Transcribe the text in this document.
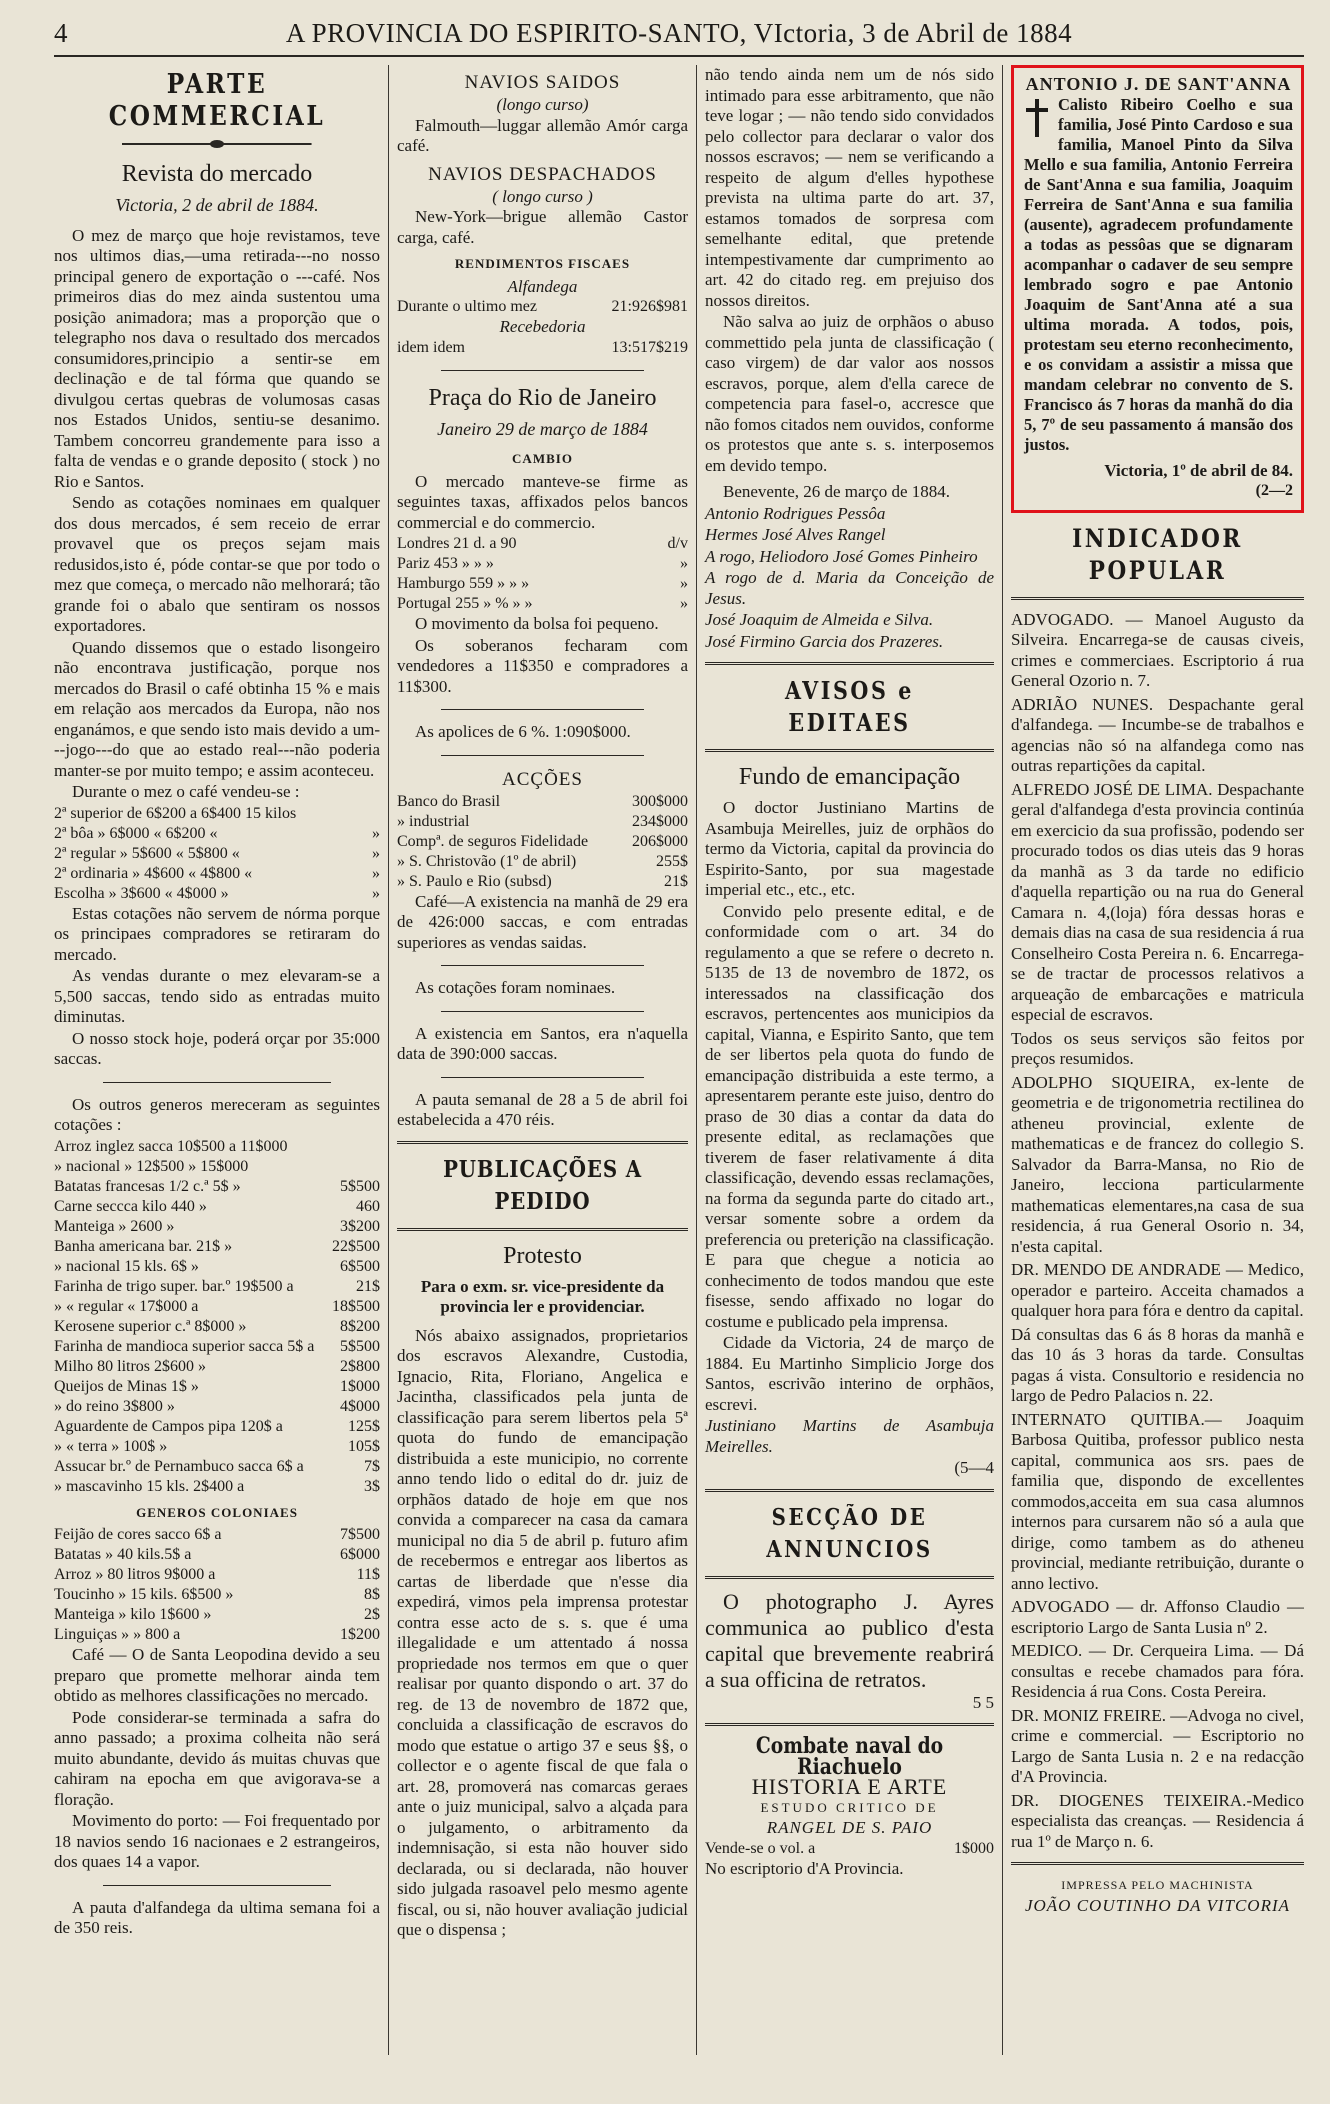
4	A PROVINCIA DO ESPIRITO-SANTO, VIctoria, 3 de Abril de 1884
PARTE COMMERCIAL
Revista do mercado
Victoria, 2 de abril de 1884.

O mez de março que hoje revistamos, teve nos ultimos dias,—uma retirada---no nosso principal genero de exportação o ---café. Nos primeiros dias do mez ainda sustentou uma posição animadora; mas a proporção que o telegrapho nos dava o resultado dos mercados consumidores,principio a sentir-se em declinação e de tal fórma que quando se divulgou certas quebras de volumosas casas nos Estados Unidos, sentiu-se desanimo. Tambem concorreu grandemente para isso a falta de vendas e o grande deposito ( stock ) no Rio e Santos.

Sendo as cotações nominaes em qualquer dos dous mercados, é sem receio de errar provavel que os preços sejam mais redusidos,isto é, póde contar-se que por todo o mez que começa, o mercado não melhorará; tão grande foi o abalo que sentiram os nossos exportadores.

Quando dissemos que o estado lisongeiro não encontrava justificação, porque nos mercados do Brasil o café obtinha 15 % e mais em relação aos mercados da Europa, não nos enganámos, e que sendo isto mais devido a um---jogo---do que ao estado real---não poderia manter-se por muito tempo; e assim aconteceu.

Durante o mez o café vendeu-se :

2ª superior de 6$200 a 6$400 15 kilos
2ª bôa » 6$000 « 6$200 «	»
2ª regular » 5$600 « 5$800 «	»
2ª ordinaria » 4$600 « 4$800 «	»
Escolha » 3$600 « 4$000 »	»

Estas cotações não servem de nórma porque os principaes compradores se retiraram do mercado.

As vendas durante o mez elevaram-se a 5,500 saccas, tendo sido as entradas muito diminutas.

O nosso stock hoje, poderá orçar por 35:000 saccas.

Os outros generos mereceram as seguintes cotações :

Arroz inglez sacca 10$500 a 11$000
» nacional » 12$500 » 15$000
Batatas francesas 1/2 c.ª 5$ »	5$500
Carne seccca kilo 440 »	460
Manteiga » 2600 »	3$200
Banha americana bar. 21$ »	22$500
» nacional 15 kls. 6$ »	6$500
Farinha de trigo super. bar.º 19$500 a	21$
» « regular « 17$000 a	18$500
Kerosene superior c.ª 8$000 »	8$200
Farinha de mandioca superior sacca 5$ a	5$500
Milho 80 litros 2$600 »	2$800
Queijos de Minas 1$ »	1$000
» do reino 3$800 »	4$000
Aguardente de Campos pipa 120$ a	125$
» « terra » 100$ »	105$
Assucar br.º de Pernambuco sacca 6$ a	7$
» mascavinho 15 kls. 2$400 a	3$
GENEROS COLONIAES
Feijão de cores sacco 6$ a	7$500
Batatas » 40 kils.5$ a	6$000
Arroz » 80 litros 9$000 a	11$
Toucinho » 15 kils. 6$500 »	8$
Manteiga » kilo 1$600 »	2$
Linguiças » » 800 a	1$200

Café — O de Santa Leopodina devido a seu preparo que promette melhorar ainda tem obtido as melhores classificações no mercado.

Pode considerar-se terminada a safra do anno passado; a proxima colheita não será muito abundante, devido ás muitas chuvas que cahiram na epocha em que avigorava-se a floração.

Movimento do porto: — Foi frequentado por 18 navios sendo 16 nacionaes e 2 estrangeiros, dos quaes 14 a vapor.

A pauta d'alfandega da ultima semana foi a de 350 reis.

NAVIOS SAIDOS
(longo curso)

Falmouth—luggar allemão Amór carga café.

NAVIOS DESPACHADOS
( longo curso )

New-York—brigue allemão Castor carga, café.

RENDIMENTOS FISCAES
Alfandega
Durante o ultimo mez	21:926$981
Recebedoria
idem idem	13:517$219
Praça do Rio de Janeiro
Janeiro 29 de março de 1884
CAMBIO

O mercado manteve-se firme as seguintes taxas, affixados pelos bancos commercial e do commercio.

Londres 21 d. a 90	d/v
Pariz 453 » » »	»
Hamburgo 559 » » »	»
Portugal 255 » % » »	»

O movimento da bolsa foi pequeno.

Os soberanos fecharam com vendedores a 11$350 e compradores a 11$300.

As apolices de 6 %. 1:090$000.

ACÇÕES
Banco do Brasil	300$000
» industrial	234$000
Compª. de seguros Fidelidade	206$000
» S. Christovão (1º de abril)	255$
» S. Paulo e Rio (subsd)	21$

Café—A existencia na manhã de 29 era de 426:000 saccas, e com entradas superiores as vendas saidas.

As cotações foram nominaes.

A existencia em Santos, era n'aquella data de 390:000 saccas.

A pauta semanal de 28 a 5 de abril foi estabelecida a 470 réis.

PUBLICAÇÕES A PEDIDO
Protesto
Para o exm. sr. vice-presidente da provincia ler e providenciar.

Nós abaixo assignados, proprietarios dos escravos Alexandre, Custodia, Ignacio, Rita, Floriano, Angelica e Jacintha, classificados pela junta de classificação para serem libertos pela 5ª quota do fundo de emancipação distribuida a este municipio, no corrente anno tendo lido o edital do dr. juiz de orphãos datado de hoje em que nos convida a comparecer na casa da camara municipal no dia 5 de abril p. futuro afim de recebermos e entregar aos libertos as cartas de liberdade que n'esse dia expedirá, vimos pela imprensa protestar contra esse acto de s. s. que é uma illegalidade e um attentado á nossa propriedade nos termos em que o quer realisar por quanto dispondo o art. 37 do reg. de 13 de novembro de 1872 que, concluida a classificação de escravos do modo que estatue o artigo 37 e seus §§, o collector e o agente fiscal de que fala o art. 28, promoverá nas comarcas geraes ante o juiz municipal, salvo a alçada para o julgamento, o arbitramento da indemnisação, si esta não houver sido declarada, ou si declarada, não houver sido julgada rasoavel pelo mesmo agente fiscal, ou si, não houver avaliação judicial que o dispensa ;

não tendo ainda nem um de nós sido intimado para esse arbitramento, que não teve logar ; — não tendo sido convidados pelo collector para declarar o valor dos nossos escravos; — nem se verificando a respeito de algum d'elles hypothese prevista na ultima parte do art. 37, estamos tomados de sorpresa com semelhante edital, que pretende intempestivamente dar cumprimento ao art. 42 do citado reg. em prejuiso dos nossos direitos.

Não salva ao juiz de orphãos o abuso commettido pela junta de classificação ( caso virgem) de dar valor aos nossos escravos, porque, alem d'ella carece de competencia para fasel-o, accresce que não fomos citados nem ouvidos, conforme os protestos que ante s. s. interposemos em devido tempo.

Benevente, 26 de março de 1884.

Antonio Rodrigues Pessôa

Hermes José Alves Rangel

A rogo, Heliodoro José Gomes Pinheiro

A rogo de d. Maria da Conceição de Jesus.

José Joaquim de Almeida e Silva.

José Firmino Garcia dos Prazeres.

AVISOS e EDITAES
Fundo de emancipação

O doctor Justiniano Martins de Asambuja Meirelles, juiz de orphãos do termo da Victoria, capital da provincia do Espirito-Santo, por sua magestade imperial etc., etc., etc.

Convido pelo presente edital, e de conformidade com o art. 34 do regulamento a que se refere o decreto n. 5135 de 13 de novembro de 1872, os interessados na classificação dos escravos, pertencentes aos municipios da capital, Vianna, e Espirito Santo, que tem de ser libertos pela quota do fundo de emancipação distribuida a este termo, a apresentarem perante este juiso, dentro do praso de 30 dias a contar da data do presente edital, as reclamações que tiverem de faser relativamente á dita classificação, devendo essas reclamações, na forma da segunda parte do citado art., versar somente sobre a ordem da preferencia ou preterição na classificação. E para que chegue a noticia ao conhecimento de todos mandou que este fisesse, sendo affixado no logar do costume e publicado pela imprensa.

Cidade da Victoria, 24 de março de 1884. Eu Martinho Simplicio Jorge dos Santos, escrivão interino de orphãos, escrevi.

Justiniano Martins de Asambuja Meirelles.

(5—4
SECÇÃO DE ANNUNCIOS
O photographo J. Ayres communica ao publico d'esta capital que brevemente reabrirá a sua officina de retratos.
5 5
Combate naval do Riachuelo
HISTORIA E ARTE
ESTUDO CRITICO DE
RANGEL DE S. PAIO
Vende-se o vol. a	1$000

No escriptorio d'A Provincia.

ANTONIO J. DE SANT'ANNA
Calisto Ribeiro Coelho e sua familia, José Pinto Cardoso e sua familia, Manoel Pinto da Silva Mello e sua familia, Antonio Ferreira de Sant'Anna e sua familia, Joaquim Ferreira de Sant'Anna e sua familia (ausente), agradecem profundamente a todas as pessôas que se dignaram acompanhar o cadaver de seu sempre lembrado sogro e pae Antonio Joaquim de Sant'Anna até a sua ultima morada. A todos, pois, protestam seu eterno reconhecimento, e os convidam a assistir a missa que mandam celebrar no convento de S. Francisco ás 7 horas da manhã do dia 5, 7º de seu passamento á mansão dos justos.
Victoria, 1º de abril de 84.
(2—2
INDICADOR POPULAR

ADVOGADO. — Manoel Augusto da Silveira. Encarrega-se de causas civeis, crimes e commerciaes. Escriptorio á rua General Ozorio n. 7.

ADRIÃO NUNES. Despachante geral d'alfandega. — Incumbe-se de trabalhos e agencias não só na alfandega como nas outras repartições da capital.

ALFREDO JOSÉ DE LIMA. Despachante geral d'alfandega d'esta provincia continúa em exercicio da sua profissão, podendo ser procurado todos os dias uteis das 9 horas da manhã as 3 da tarde no edificio d'aquella repartição ou na rua do General Camara n. 4,(loja) fóra dessas horas e demais dias na casa de sua residencia á rua Conselheiro Costa Pereira n. 6. Encarrega-se de tractar de processos relativos a arqueação de embarcações e matricula especial de escravos.

Todos os seus serviços são feitos por preços resumidos.

ADOLPHO SIQUEIRA, ex-lente de geometria e de trigonometria rectilinea do atheneu provincial, exlente de mathematicas e de francez do collegio S. Salvador da Barra-Mansa, no Rio de Janeiro, lecciona particularmente mathematicas elementares,na casa de sua residencia, á rua General Osorio n. 34, n'esta capital.

DR. MENDO DE ANDRADE — Medico, operador e parteiro. Acceita chamados a qualquer hora para fóra e dentro da capital.

Dá consultas das 6 ás 8 horas da manhã e das 10 ás 3 horas da tarde. Consultas pagas á vista. Consultorio e residencia no largo de Pedro Palacios n. 22.

INTERNATO QUITIBA.— Joaquim Barbosa Quitiba, professor publico nesta capital, communica aos srs. paes de familia que, dispondo de excellentes commodos,acceita em sua casa alumnos internos para cursarem não só a aula que dirige, como tambem as do atheneu provincial, mediante retribuição, durante o anno lectivo.

ADVOGADO — dr. Affonso Claudio — escriptorio Largo de Santa Lusia nº 2.

MEDICO. — Dr. Cerqueira Lima. — Dá consultas e recebe chamados para fóra. Residencia á rua Cons. Costa Pereira.

DR. MONIZ FREIRE. —Advoga no civel, crime e commercial. — Escriptorio no Largo de Santa Lusia n. 2 e na redacção d'A Provincia.

DR. DIOGENES TEIXEIRA.-Medico especialista das creanças. — Residencia á rua 1º de Março n. 6.

IMPRESSA PELO MACHINISTA
JOÃO COUTINHO DA VITCORIA
